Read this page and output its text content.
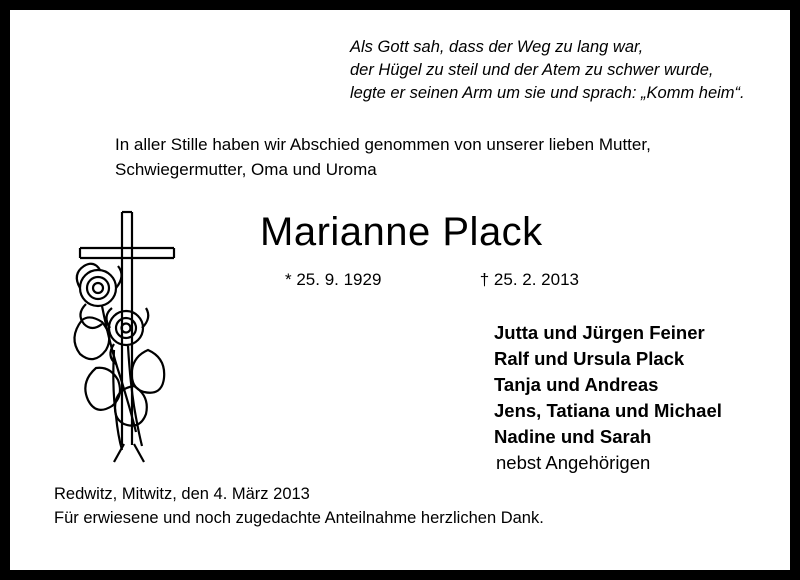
Als Gott sah, dass der Weg zu lang war,
der Hügel zu steil und der Atem zu schwer wurde,
legte er seinen Arm um sie und sprach: „Komm heim“.
In aller Stille haben wir Abschied genommen von unserer lieben Mutter, Schwiegermutter, Oma und Uroma
Marianne Plack
* 25. 9. 1929	† 25. 2. 2013
Jutta und Jürgen Feiner
Ralf und Ursula Plack
Tanja und Andreas
Jens, Tatiana und Michael
Nadine und Sarah
nebst Angehörigen
Redwitz, Mitwitz, den 4. März 2013
Für erwiesene und noch zugedachte Anteilnahme herzlichen Dank.
